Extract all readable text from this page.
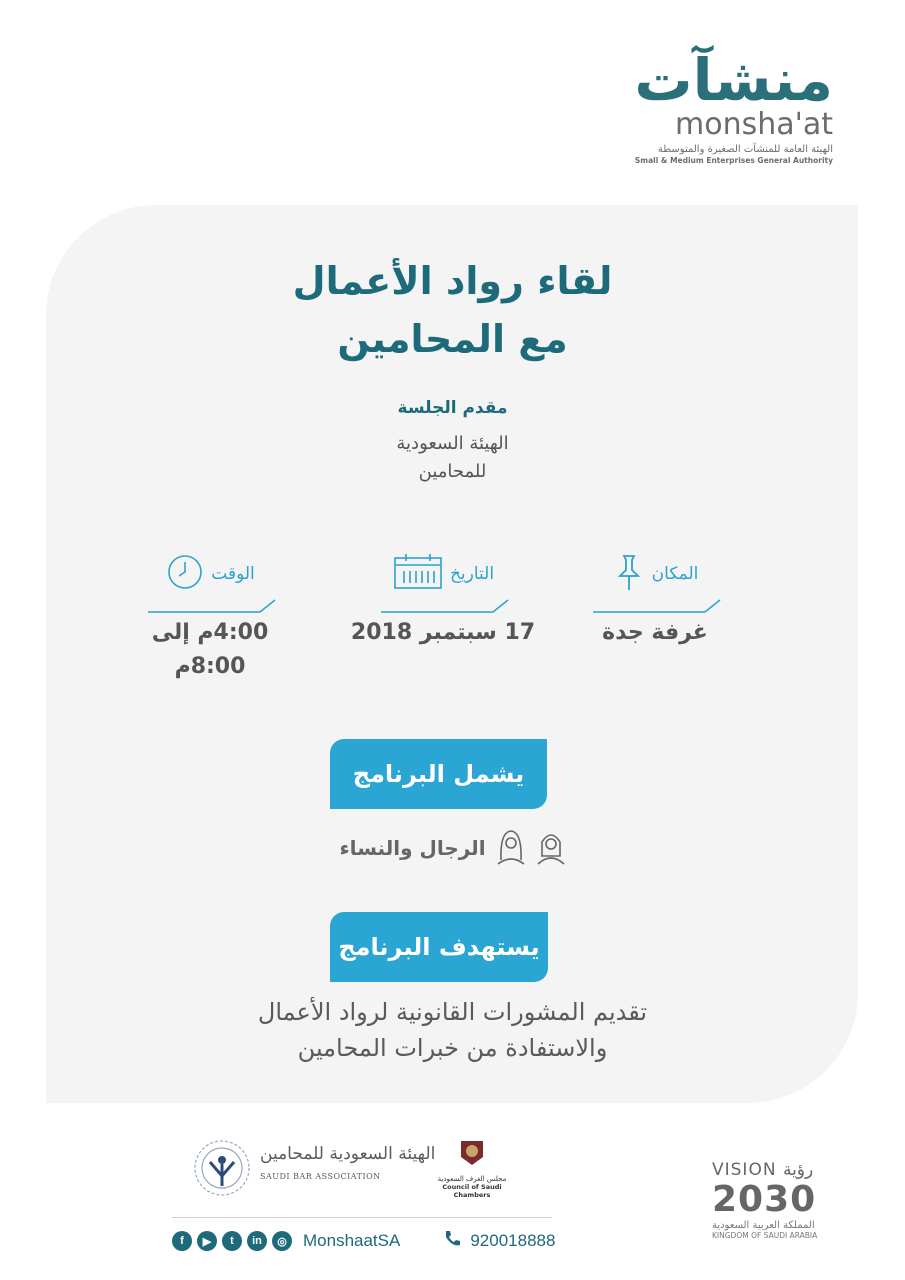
منشآت
monsha'at
الهيئة العامة للمنشآت الصغيرة والمتوسطة
Small & Medium Enterprises General Authority
لقاء رواد الأعمال
مع المحامين
مقدم الجلسة
الهيئة السعودية
للمحامين
المكان
غرفة جدة
التاريخ
17 سبتمبر 2018
الوقت
4:00م إلى
8:00م
يشمل البرنامج
الرجال والنساء
يستهدف البرنامج
تقديم المشورات القانونية لرواد الأعمال
والاستفادة من خبرات المحامين
الهيئة السعودية للمحامين
SAUDI BAR ASSOCIATION	مجلس الغرف السعودية
Council of Saudi Chambers
VISION رؤية
2030
المملكة العربية السعودية
KINGDOM OF SAUDI ARABIA
f	▶	t	in	◎ MonshaatSA	920018888
